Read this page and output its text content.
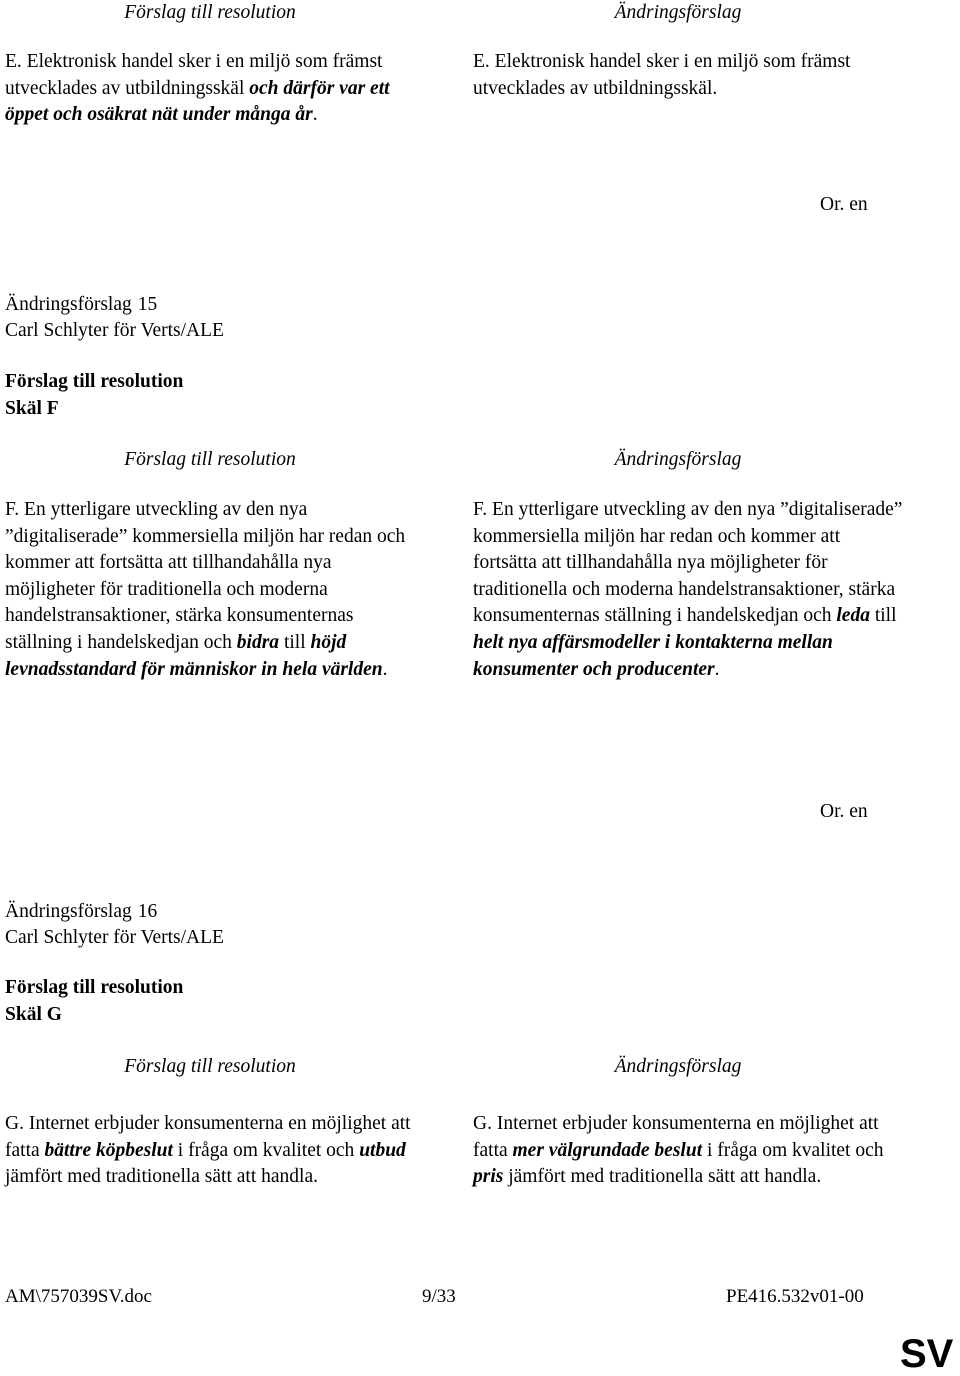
Förslag till resolution	Ändringsförslag
E. Elektronisk handel sker i en miljö som främst utvecklades av utbildningsskäl och därför var ett öppet och osäkrat nät under många år.
E. Elektronisk handel sker i en miljö som främst utvecklades av utbildningsskäl.
Or. en
Ändringsförslag 15
Carl Schlyter för Verts/ALE
Förslag till resolution
Skäl F
Förslag till resolution	Ändringsförslag
F. En ytterligare utveckling av den nya ”digitaliserade” kommersiella miljön har redan och kommer att fortsätta att tillhandahålla nya möjligheter för traditionella och moderna handelstransaktioner, stärka konsumenternas ställning i handelskedjan och bidra till höjd levnadsstandard för människor in hela världen.
F. En ytterligare utveckling av den nya ”digitaliserade” kommersiella miljön har redan och kommer att fortsätta att tillhandahålla nya möjligheter för traditionella och moderna handelstransaktioner, stärka konsumenternas ställning i handelskedjan och leda till helt nya affärsmodeller i kontakterna mellan konsumenter och producenter.
Or. en
Ändringsförslag 16
Carl Schlyter för Verts/ALE
Förslag till resolution
Skäl G
Förslag till resolution	Ändringsförslag
G. Internet erbjuder konsumenterna en möjlighet att fatta bättre köpbeslut i fråga om kvalitet och utbud jämfört med traditionella sätt att handla.
G. Internet erbjuder konsumenterna en möjlighet att fatta mer välgrundade beslut i fråga om kvalitet och pris jämfört med traditionella sätt att handla.
AM\757039SV.doc	9/33	PE416.532v01-00
SV
